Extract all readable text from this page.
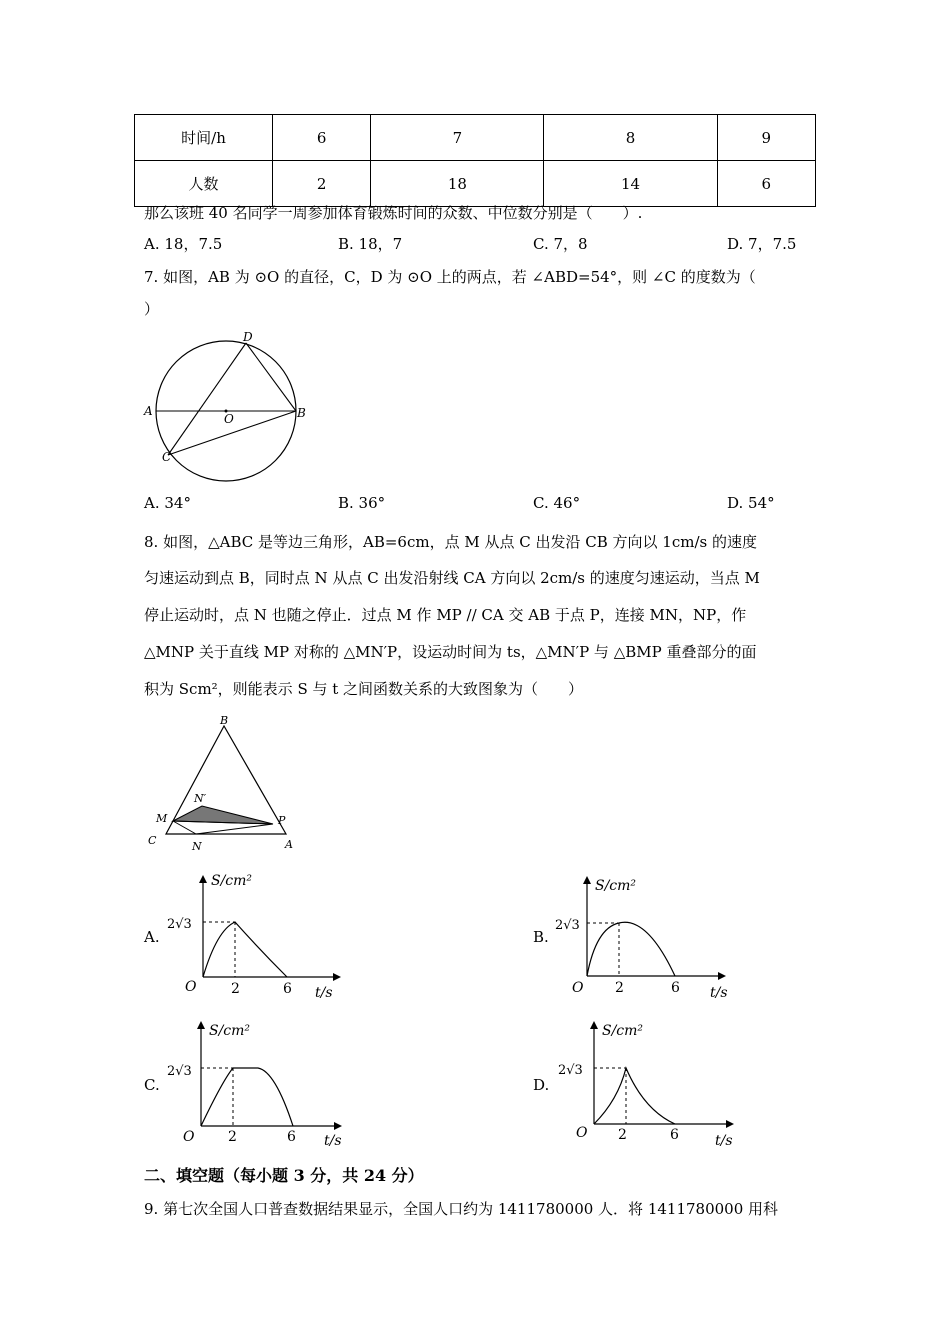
时间/h	6	7	8	9
人数	2	18	14	6
那么该班 40 名同学一周参加体育锻炼时间的众数、中位数分别是（　　）.
A. 18，7.5	B. 18，7	C. 7，8	D. 7，7.5
7. 如图，AB 为 ⊙O 的直径，C，D 为 ⊙O 上的两点，若 ∠ABD=54°，则 ∠C 的度数为（
）
A	B
C
D
O
A. 34°	B. 36°	C. 46°	D. 54°
8. 如图，△ABC 是等边三角形，AB=6cm，点 M 从点 C 出发沿 CB 方向以 1cm/s 的速度
匀速运动到点 B，同时点 N 从点 C 出发沿射线 CA 方向以 2cm/s 的速度匀速运动，当点 M
停止运动时，点 N 也随之停止．过点 M 作 MP // CA 交 AB 于点 P，连接 MN，NP，作
△MNP 关于直线 MP 对称的 △MN′P，设运动时间为 ts，△MN′P 与 △BMP 重叠部分的面
积为 Scm²，则能表示 S 与 t 之间函数关系的大致图象为（　　）
B
N′
M	P
C	N	A
A.
S/cm²
2√3
O 2	6 t/s
B.
S/cm²
2√3
O 2	6 t/s
C.
S/cm²
2√3
O 2	6 t/s
D.
S/cm²
2√3
O 2	6	t/s
二、填空题（每小题 3 分，共 24 分）
9. 第七次全国人口普查数据结果显示，全国人口约为 1411780000 人．将 1411780000 用科
